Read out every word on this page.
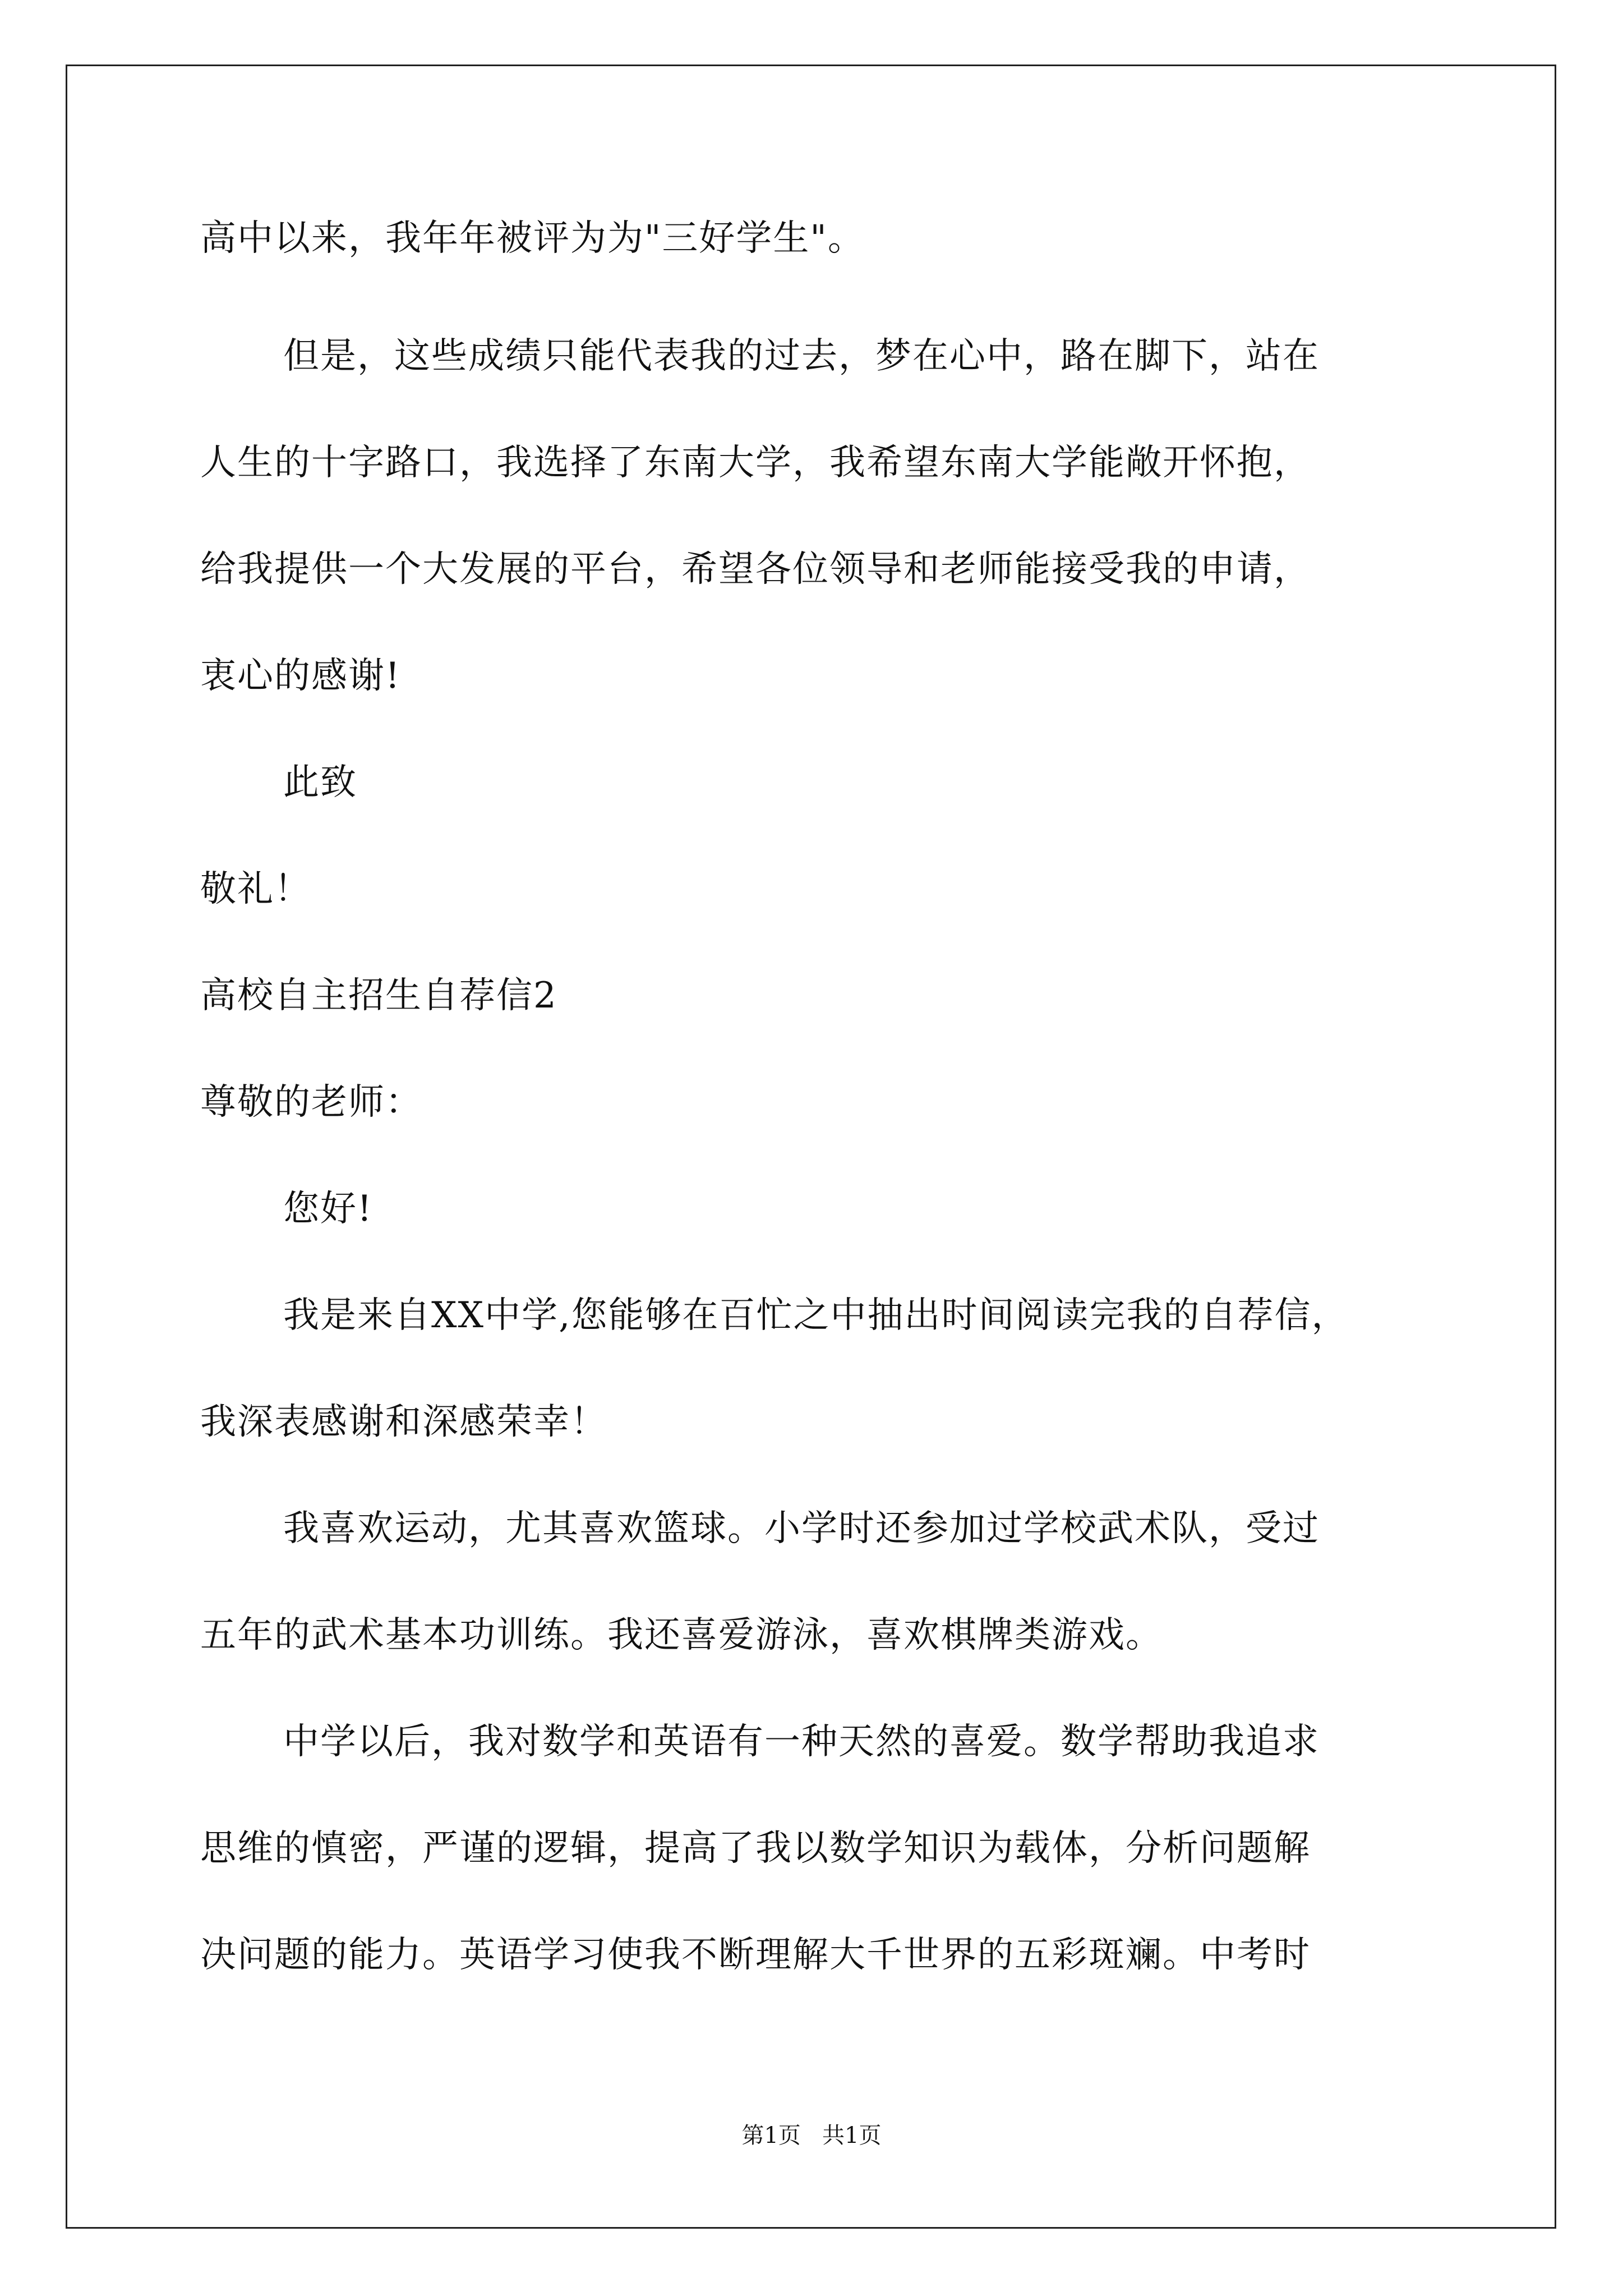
高中以来，我年年被评为为"三好学生"。
但是，这些成绩只能代表我的过去，梦在心中，路在脚下，站在
人生的十字路口，我选择了东南大学，我希望东南大学能敞开怀抱，
给我提供一个大发展的平台，希望各位领导和老师能接受我的申请，
衷心的感谢!
此致
敬礼！
高校自主招生自荐信2
尊敬的老师：
您好!
我是来自XX中学,您能够在百忙之中抽出时间阅读完我的自荐信，
我深表感谢和深感荣幸！
我喜欢运动，尤其喜欢篮球。小学时还参加过学校武术队，受过
五年的武术基本功训练。我还喜爱游泳，喜欢棋牌类游戏。
中学以后，我对数学和英语有一种天然的喜爱。数学帮助我追求
思维的慎密，严谨的逻辑，提高了我以数学知识为载体，分析问题解
决问题的能力。英语学习使我不断理解大千世界的五彩斑斓。中考时
第1页   共1页
